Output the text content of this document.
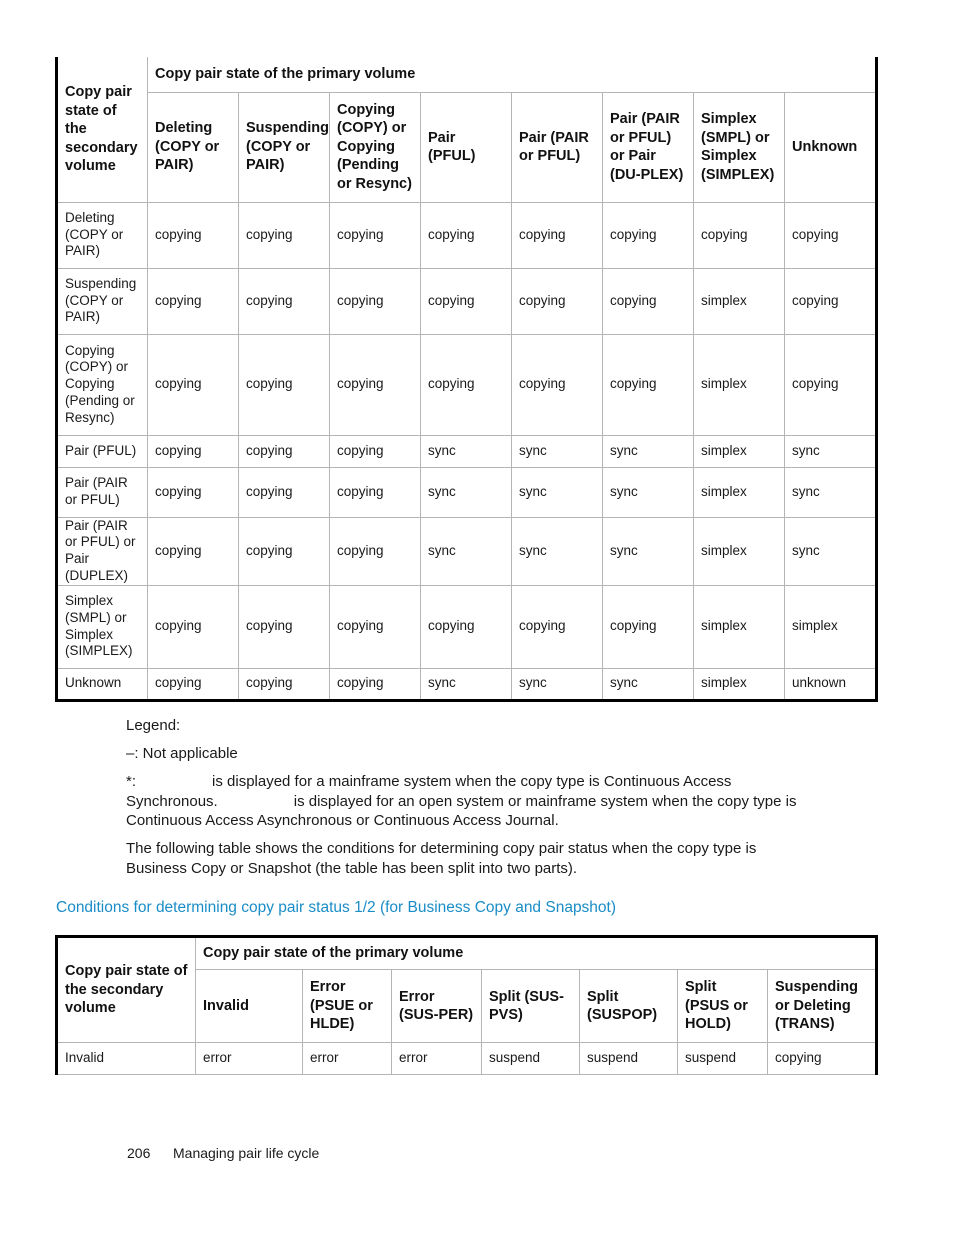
Copy pair state of the secondary volume	Copy pair state of the primary volume							
	Deleting (COPY or PAIR)	Suspending (COPY or PAIR)	Copying (COPY) or Copying (Pending or Resync)	Pair (PFUL)	Pair (PAIR or PFUL)	Pair (PAIR or PFUL) or Pair (DU-PLEX)	Simplex (SMPL) or Simplex (SIMPLEX)	Unknown
Deleting (COPY or PAIR)	copying	copying	copying	copying	copying	copying	copying	copying
Suspending (COPY or PAIR)	copying	copying	copying	copying	copying	copying	simplex	copying
Copying (COPY) or Copying (Pending or Resync)	copying	copying	copying	copying	copying	copying	simplex	copying
Pair (PFUL)	copying	copying	copying	sync	sync	sync	simplex	sync
Pair (PAIR or PFUL)	copying	copying	copying	sync	sync	sync	simplex	sync
Pair (PAIR or PFUL) or Pair (DUPLEX)	copying	copying	copying	sync	sync	sync	simplex	sync
Simplex (SMPL) or Simplex (SIMPLEX)	copying	copying	copying	copying	copying	copying	simplex	simplex
Unknown	copying	copying	copying	sync	sync	sync	simplex	unknown
Legend:
–: Not applicable
*:	is displayed for a mainframe system when the copy type is Continuous Access Synchronous.	is displayed for an open system or mainframe system when the copy type is Continuous Access Asynchronous or Continuous Access Journal.
The following table shows the conditions for determining copy pair status when the copy type is Business Copy or Snapshot (the table has been split into two parts).
Conditions for determining copy pair status 1/2 (for Business Copy and Snapshot)
Copy pair state of the secondary volume	Copy pair state of the primary volume						
	Invalid	Error (PSUE or HLDE)	Error (SUS-PER)	Split (SUS-PVS)	Split (SUSPOP)	Split (PSUS or HOLD)	Suspending or Deleting (TRANS)
Invalid	error	error	error	suspend	suspend	suspend	copying
206 Managing pair life cycle
